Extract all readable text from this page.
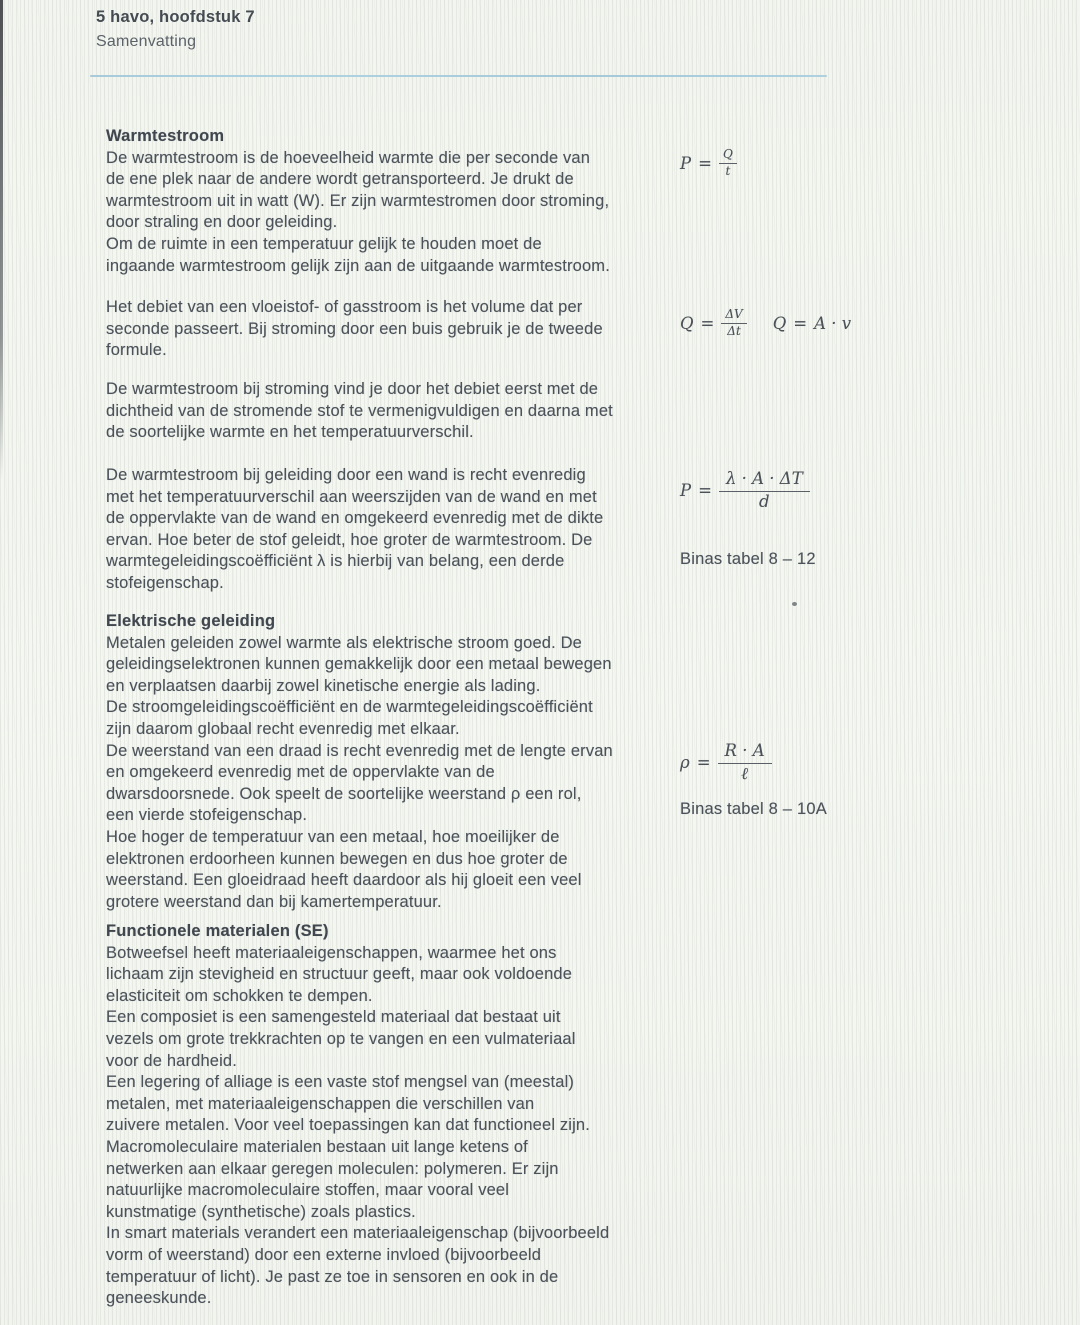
5 havo, hoofdstuk 7
Samenvatting
Warmtestroom
De warmtestroom is de hoeveelheid warmte die per seconde van
de ene plek naar de andere wordt getransporteerd. Je drukt de
warmtestroom uit in watt (W). Er zijn warmtestromen door stroming,
door straling en door geleiding.
Om de ruimte in een temperatuur gelijk te houden moet de
ingaande warmtestroom gelijk zijn aan de uitgaande warmtestroom.
Het debiet van een vloeistof- of gasstroom is het volume dat per
seconde passeert. Bij stroming door een buis gebruik je de tweede
formule.
De warmtestroom bij stroming vind je door het debiet eerst met de
dichtheid van de stromende stof te vermenigvuldigen en daarna met
de soortelijke warmte en het temperatuurverschil.
De warmtestroom bij geleiding door een wand is recht evenredig
met het temperatuurverschil aan weerszijden van de wand en met
de oppervlakte van de wand en omgekeerd evenredig met de dikte
ervan. Hoe beter de stof geleidt, hoe groter de warmtestroom. De
warmtegeleidingscoëfficiënt λ is hierbij van belang, een derde
stofeigenschap.
Elektrische geleiding
Metalen geleiden zowel warmte als elektrische stroom goed. De
geleidingselektronen kunnen gemakkelijk door een metaal bewegen
en verplaatsen daarbij zowel kinetische energie als lading.
De stroomgeleidingscoëfficiënt en de warmtegeleidingscoëfficiënt
zijn daarom globaal recht evenredig met elkaar.
De weerstand van een draad is recht evenredig met de lengte ervan
en omgekeerd evenredig met de oppervlakte van de
dwarsdoorsnede. Ook speelt de soortelijke weerstand ρ een rol,
een vierde stofeigenschap.
Hoe hoger de temperatuur van een metaal, hoe moeilijker de
elektronen erdoorheen kunnen bewegen en dus hoe groter de
weerstand. Een gloeidraad heeft daardoor als hij gloeit een veel
grotere weerstand dan bij kamertemperatuur.
Functionele materialen (SE)
Botweefsel heeft materiaaleigenschappen, waarmee het ons
lichaam zijn stevigheid en structuur geeft, maar ook voldoende
elasticiteit om schokken te dempen.
Een composiet is een samengesteld materiaal dat bestaat uit
vezels om grote trekkrachten op te vangen en een vulmateriaal
voor de hardheid.
Een legering of alliage is een vaste stof mengsel van (meestal)
metalen, met materiaaleigenschappen die verschillen van
zuivere metalen. Voor veel toepassingen kan dat functioneel zijn.
Macromoleculaire materialen bestaan uit lange ketens of
netwerken aan elkaar geregen moleculen: polymeren. Er zijn
natuurlijke macromoleculaire stoffen, maar vooral veel
kunstmatige (synthetische) zoals plastics.
In smart materials verandert een materiaaleigenschap (bijvoorbeeld
vorm of weerstand) door een externe invloed (bijvoorbeeld
temperatuur of licht). Je past ze toe in sensoren en ook in de
geneeskunde.
$P = \frac{Q}{t}$
$Q = \frac{\Delta V}{\Delta t}$ Q = A · v
$P = \frac{\lambda \cdot A \cdot \Delta T}{d}$
Binas tabel 8 – 12
$\rho = \frac{R \cdot A}{\text{ℓ}}$
Binas tabel 8 – 10A
